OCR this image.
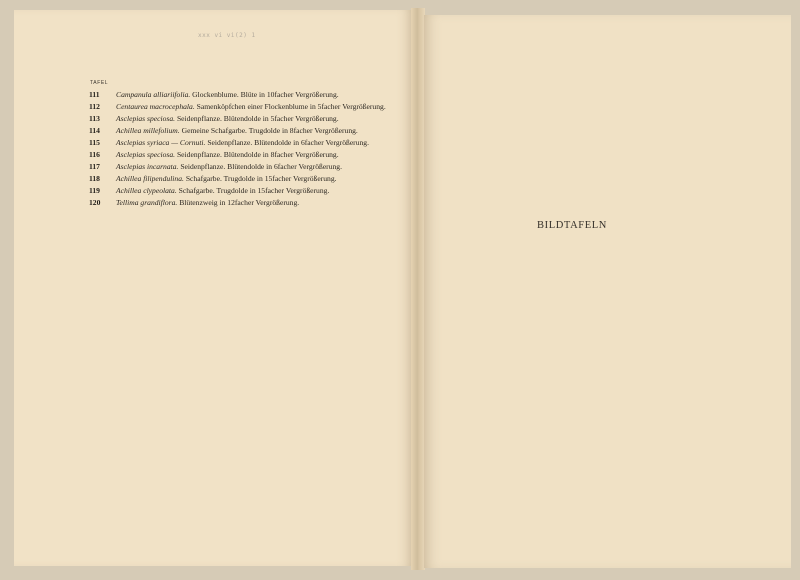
xxx vi vi(2) 1
TAFEL
111	Campanula alliariifolia. Glockenblume. Blüte in 10facher Vergrößerung.
112	Centaurea macrocephala. Samenköpfchen einer Flockenblume in 5facher Vergrößerung.
113	Asclepias speciosa. Seidenpflanze. Blütendolde in 5facher Vergrößerung.
114	Achillea millefolium. Gemeine Schafgarbe. Trugdolde in 8facher Vergrößerung.
115	Asclepias syriaca — Cornuti. Seidenpflanze. Blütendolde in 6facher Vergrößerung.
116	Asclepias speciosa. Seidenpflanze. Blütendolde in 8facher Vergrößerung.
117	Asclepias incarnata. Seidenpflanze. Blütendolde in 6facher Vergrößerung.
118	Achillea filipendulina. Schafgarbe. Trugdolde in 15facher Vergrößerung.
119	Achillea clypeolata. Schafgarbe. Trugdolde in 15facher Vergrößerung.
120	Tellima grandiflora. Blütenzweig in 12facher Vergrößerung.
BILDTAFELN
